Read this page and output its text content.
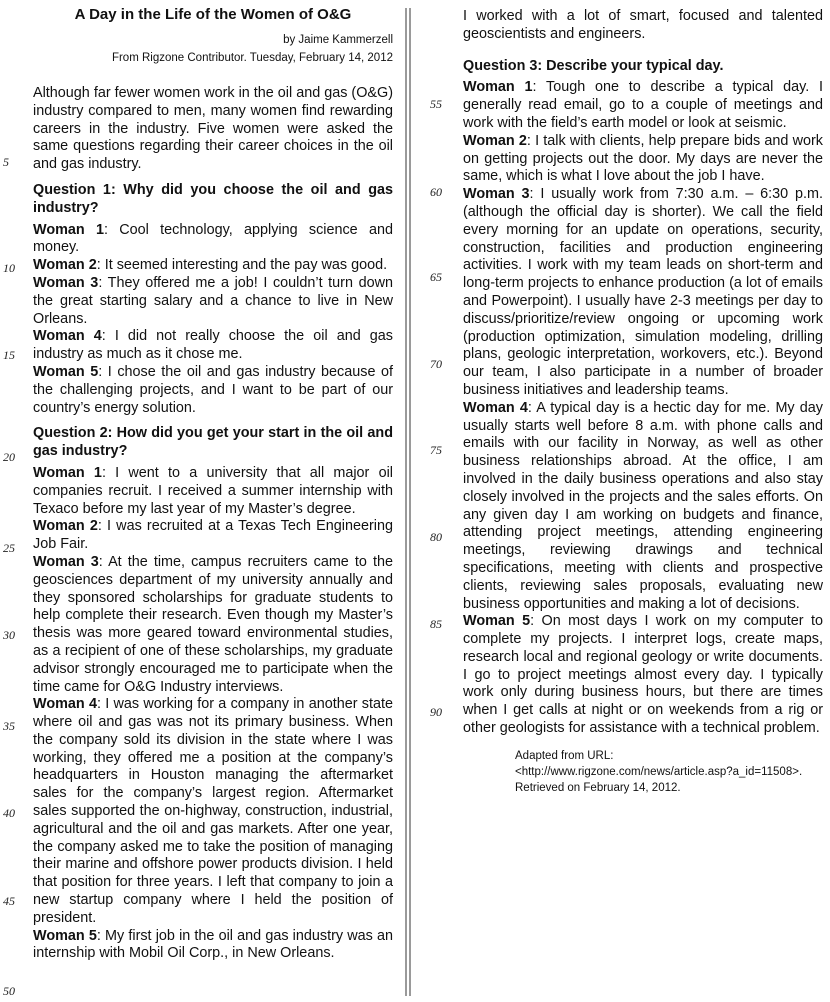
A Day in the Life of the Women of O&G
by Jaime Kammerzell
From Rigzone Contributor. Tuesday, February 14, 2012

Although far fewer women work in the oil and gas (O&G) industry compared to men, many women find rewarding careers in the industry. Five women were asked the same questions regarding their career choices in the oil and gas industry.

Question 1: Why did you choose the oil and gas industry?

Woman 1: Cool technology, applying science and money.

Woman 2: It seemed interesting and the pay was good.

Woman 3: They offered me a job! I couldn’t turn down the great starting salary and a chance to live in New Orleans.

Woman 4: I did not really choose the oil and gas industry as much as it chose me.

Woman 5: I chose the oil and gas industry because of the challenging projects, and I want to be part of our country’s energy solution.

Question 2: How did you get your start in the oil and gas industry?

Woman 1: I went to a university that all major oil companies recruit. I received a summer internship with Texaco before my last year of my Master’s degree.

Woman 2: I was recruited at a Texas Tech Engineering Job Fair.

Woman 3: At the time, campus recruiters came to the geosciences department of my university annually and they sponsored scholarships for graduate students to help complete their research. Even though my Master’s thesis was more geared toward environmental studies, as a recipient of one of these scholarships, my graduate advisor strongly encouraged me to participate when the time came for O&G Industry interviews.

Woman 4: I was working for a company in another state where oil and gas was not its primary business. When the company sold its division in the state where I was working, they offered me a position at the company’s headquarters in Houston managing the aftermarket sales for the company’s largest region. Aftermarket sales supported the on-highway, construction, industrial, agricultural and the oil and gas markets. After one year, the company asked me to take the position of managing their marine and offshore power products division. I held that position for three years. I left that company to join a new startup company where I held the position of president.

Woman 5: My first job in the oil and gas industry was an internship with Mobil Oil Corp., in New Orleans.

I worked with a lot of smart, focused and talented geoscientists and engineers.

Question 3: Describe your typical day.

Woman 1: Tough one to describe a typical day. I generally read email, go to a couple of meetings and work with the field’s earth model or look at seismic.

Woman 2: I talk with clients, help prepare bids and work on getting projects out the door. My days are never the same, which is what I love about the job I have.

Woman 3: I usually work from 7:30 a.m. – 6:30 p.m. (although the official day is shorter). We call the field every morning for an update on operations, security, construction, facilities and production engineering activities. I work with my team leads on short-term and long-term projects to enhance production (a lot of emails and Powerpoint). I usually have 2-3 meetings per day to discuss/prioritize/review ongoing or upcoming work (production optimization, simulation modeling, drilling plans, geologic interpretation, workovers, etc.). Beyond our team, I also participate in a number of broader business initiatives and leadership teams.

Woman 4: A typical day is a hectic day for me. My day usually starts well before 8 a.m. with phone calls and emails with our facility in Norway, as well as other business relationships abroad. At the office, I am involved in the daily business operations and also stay closely involved in the projects and the sales efforts. On any given day I am working on budgets and finance, attending project meetings, attending engineering meetings, reviewing drawings and technical specifications, meeting with clients and prospective clients, reviewing sales proposals, evaluating new business opportunities and making a lot of decisions.

Woman 5: On most days I work on my computer to complete my projects. I interpret logs, create maps, research local and regional geology or write documents. I go to project meetings almost every day. I typically work only during business hours, but there are times when I get calls at night or on weekends from a rig or other geologists for assistance with a technical problem.

Adapted from URL: <http://www.rigzone.com/news/article.asp?a_id=11508>. Retrieved on February 14, 2012.
5
10
15
20
25
30
35
40
45
50
55
60
65
70
75
80
85
90
